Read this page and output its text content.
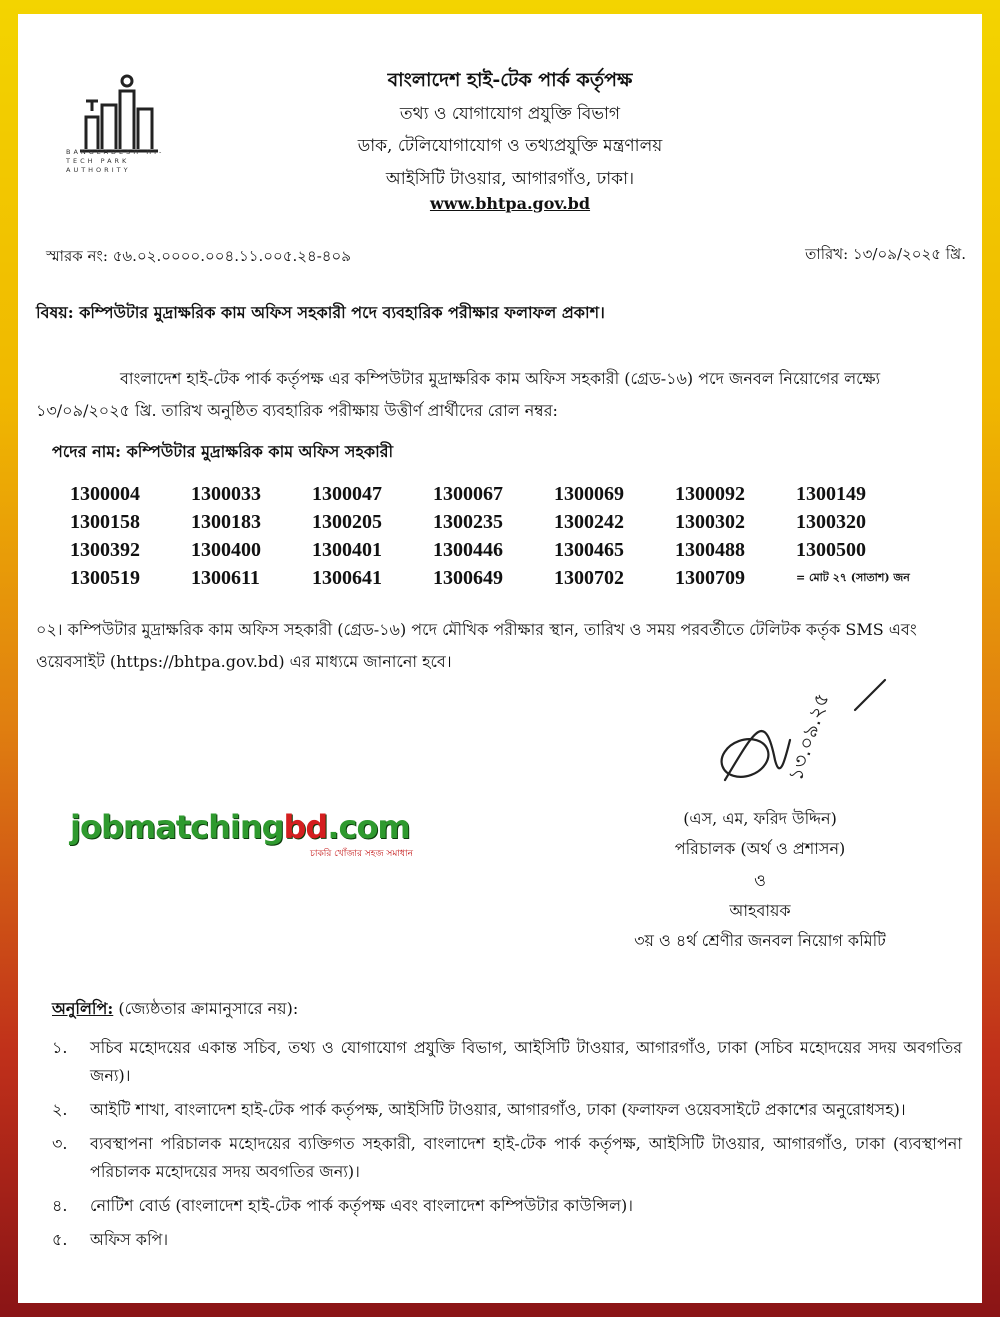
BANGLADESH HI-TECH PARK AUTHORITY
বাংলাদেশ হাই-টেক পার্ক কর্তৃপক্ষ
তথ্য ও যোগাযোগ প্রযুক্তি বিভাগ
ডাক, টেলিযোগাযোগ ও তথ্যপ্রযুক্তি মন্ত্রণালয়
আইসিটি টাওয়ার, আগারগাঁও, ঢাকা।
www.bhtpa.gov.bd
স্মারক নং: ৫৬.০২.০০০০.০০৪.১১.০০৫.২৪-৪০৯	তারিখ: ১৩/০৯/২০২৫ খ্রি.
বিষয়: কম্পিউটার মুদ্রাক্ষরিক কাম অফিস সহকারী পদে ব্যবহারিক পরীক্ষার ফলাফল প্রকাশ।
বাংলাদেশ হাই-টেক পার্ক কর্তৃপক্ষ এর কম্পিউটার মুদ্রাক্ষরিক কাম অফিস সহকারী (গ্রেড-১৬) পদে জনবল নিয়োগের লক্ষ্যে ১৩/০৯/২০২৫ খ্রি. তারিখ অনুষ্ঠিত ব্যবহারিক পরীক্ষায় উত্তীর্ণ প্রার্থীদের রোল নম্বর:
পদের নাম: কম্পিউটার মুদ্রাক্ষরিক কাম অফিস সহকারী
1300004	1300033	1300047	1300067	1300069	1300092	1300149
1300158	1300183	1300205	1300235	1300242	1300302	1300320
1300392	1300400	1300401	1300446	1300465	1300488	1300500
1300519	1300611	1300641	1300649	1300702	1300709	= মোট ২৭ (সাতাশ) জন
০২। কম্পিউটার মুদ্রাক্ষরিক কাম অফিস সহকারী (গ্রেড-১৬) পদে মৌখিক পরীক্ষার স্থান, তারিখ ও সময় পরবর্তীতে টেলিটক কর্তৃক SMS এবং ওয়েবসাইট (https://bhtpa.gov.bd) এর মাধ্যমে জানানো হবে।
১৩.০৯.২৫
(এস, এম, ফরিদ উদ্দিন)
পরিচালক (অর্থ ও প্রশাসন)
ও
আহবায়ক
৩য় ও ৪র্থ শ্রেণীর জনবল নিয়োগ কমিটি
jobmatchingbd.com
চাকরি খোঁজার সহজ সমাধান
অনুলিপি: (জ্যেষ্ঠতার ক্রামানুসারে নয়):
১.	সচিব মহোদয়ের একান্ত সচিব, তথ্য ও যোগাযোগ প্রযুক্তি বিভাগ, আইসিটি টাওয়ার, আগারগাঁও, ঢাকা (সচিব মহোদয়ের সদয় অবগতির জন্য)।
২.	আইটি শাখা, বাংলাদেশ হাই-টেক পার্ক কর্তৃপক্ষ, আইসিটি টাওয়ার, আগারগাঁও, ঢাকা (ফলাফল ওয়েবসাইটে প্রকাশের অনুরোধসহ)।
৩.	ব্যবস্থাপনা পরিচালক মহোদয়ের ব্যক্তিগত সহকারী, বাংলাদেশ হাই-টেক পার্ক কর্তৃপক্ষ, আইসিটি টাওয়ার, আগারগাঁও, ঢাকা (ব্যবস্থাপনা পরিচালক মহোদয়ের সদয় অবগতির জন্য)।
৪.	নোটিশ বোর্ড (বাংলাদেশ হাই-টেক পার্ক কর্তৃপক্ষ এবং বাংলাদেশ কম্পিউটার কাউন্সিল)।
৫.	অফিস কপি।
